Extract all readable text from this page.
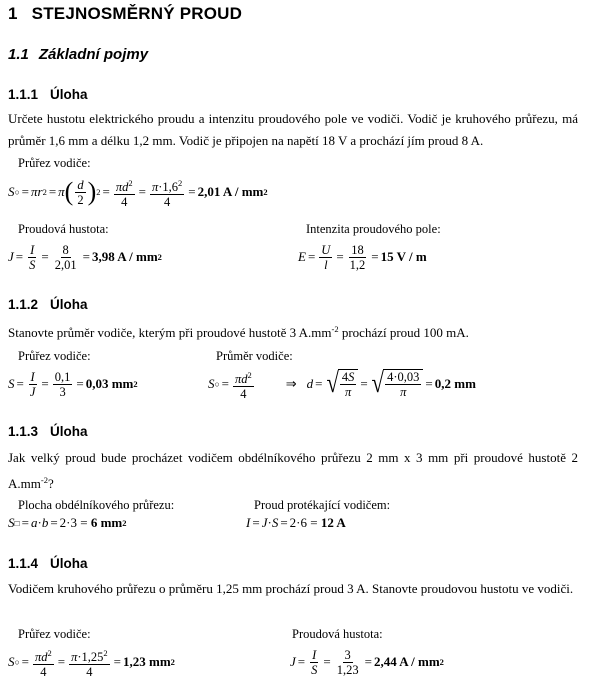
1 STEJNOSMĚRNÝ PROUD
1.1 Základní pojmy
1.1.1 Úloha
Určete hustotu elektrického proudu a intenzitu proudového pole ve vodiči. Vodič je kruhového průřezu, má průměr 1,6 mm a délku 1,2 mm. Vodič je připojen na napětí 18 V a prochází jím proud 8 A.
Průřez vodiče:
S ○ = πr 2 = π ( $\frac{d}{2}$ ) $2 = \frac{\pi d^2}{4} = \frac{\pi\cdot 1,6^2}{4} = 2,01$ A / mm 2
Proudová hustota:
$J = \frac{I}{S} = \frac{8}{2,01} = 3,98$ A / mm 2
Intenzita proudového pole:
$E = \frac{U}{l} = \frac{18}{1,2} = 15$ V / m
1.1.2 Úloha
Stanovte průměr vodiče, kterým při proudové hustotě 3 $A.mm^{-2}$ prochází proud 100 mA.
Průřez vodiče:
$S = \frac{I}{J} = \frac{0,1}{3} = 0,03$ mm 2
Průměr vodiče:
S ○ = $\frac{\pi d^2}{4}$ ⇒ d = √ $\frac{4S}{\pi}$ = √ $\frac{4\cdot 0,03}{\pi} = 0,2$ mm
1.1.3 Úloha
Jak velký proud bude procházet vodičem obdélníkového průřezu 2 mm x 3 mm při proudové hustotě 2 $A.mm^{-2}$?
Plocha obdélníkového průřezu:
S □ = a · b = 2·3 = 6 mm 2
Proud protékající vodičem:
I = J · S = 2·6 = 12 A
1.1.4 Úloha
Vodičem kruhového průřezu o průměru 1,25 mm prochází proud 3 A. Stanovte proudovou hustotu ve vodiči.
Průřez vodiče:
S ○ = $\frac{\pi d^2}{4} = \frac{\pi\cdot 1,25^2}{4} = 1,23$ mm 2
Proudová hustota:
$J = \frac{I}{S} = \frac{3}{1,23} = 2,44$ A / mm 2
